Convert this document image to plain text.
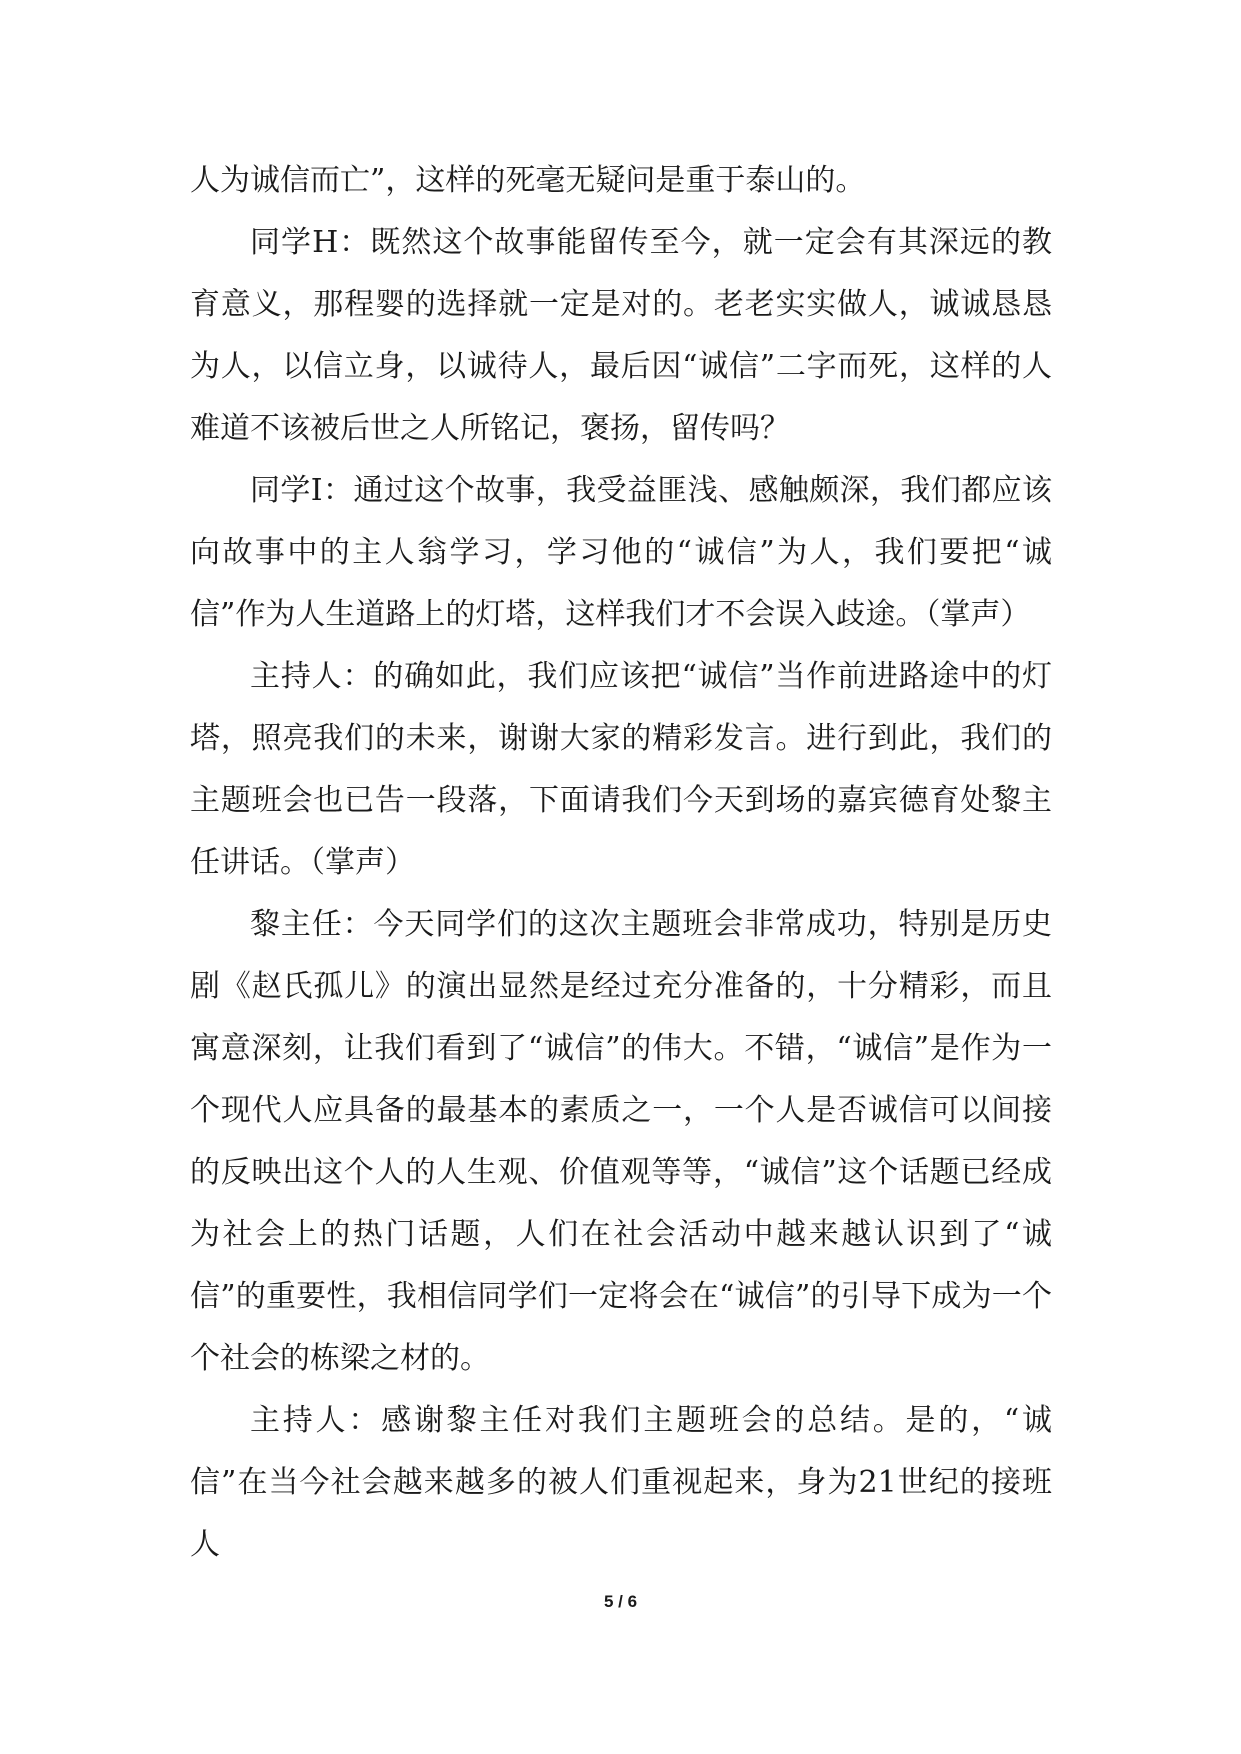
人为诚信而亡”，这样的死毫无疑问是重于泰山的。

同学H：既然这个故事能留传至今，就一定会有其深远的教育意义，那程婴的选择就一定是对的。老老实实做人，诚诚恳恳为人，以信立身，以诚待人，最后因“诚信”二字而死，这样的人难道不该被后世之人所铭记，褒扬，留传吗？

同学I：通过这个故事，我受益匪浅、感触颇深，我们都应该向故事中的主人翁学习，学习他的“诚信”为人，我们要把“诚信”作为人生道路上的灯塔，这样我们才不会误入歧途。（掌声）

主持人：的确如此，我们应该把“诚信”当作前进路途中的灯塔，照亮我们的未来，谢谢大家的精彩发言。进行到此，我们的主题班会也已告一段落，下面请我们今天到场的嘉宾德育处黎主任讲话。（掌声）

黎主任：今天同学们的这次主题班会非常成功，特别是历史剧《赵氏孤儿》的演出显然是经过充分准备的，十分精彩，而且寓意深刻，让我们看到了“诚信”的伟大。不错，“诚信”是作为一个现代人应具备的最基本的素质之一，一个人是否诚信可以间接的反映出这个人的人生观、价值观等等，“诚信”这个话题已经成为社会上的热门话题，人们在社会活动中越来越认识到了“诚信”的重要性，我相信同学们一定将会在“诚信”的引导下成为一个个社会的栋梁之材的。

主持人：感谢黎主任对我们主题班会的总结。是的，“诚信”在当今社会越来越多的被人们重视起来，身为21世纪的接班人

5 / 6
